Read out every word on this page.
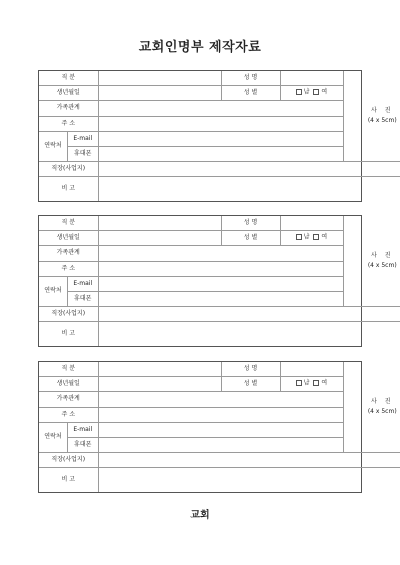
교회인명부 제작자료
직 분		성 명		
사 진
(4 x 5cm)

생년월일		성 별	남 여
가족관계	
주 소	

연락처	E-mail
휴대폰

직장(사업지)	
비 고	
직 분		성 명		
사 진
(4 x 5cm)

생년월일		성 별	남 여
가족관계	
주 소	

연락처	E-mail
휴대폰

직장(사업지)	
비 고	
직 분		성 명		
사 진
(4 x 5cm)

생년월일		성 별	남 여
가족관계	
주 소	

연락처	E-mail
휴대폰

직장(사업지)	
비 고	
교회
